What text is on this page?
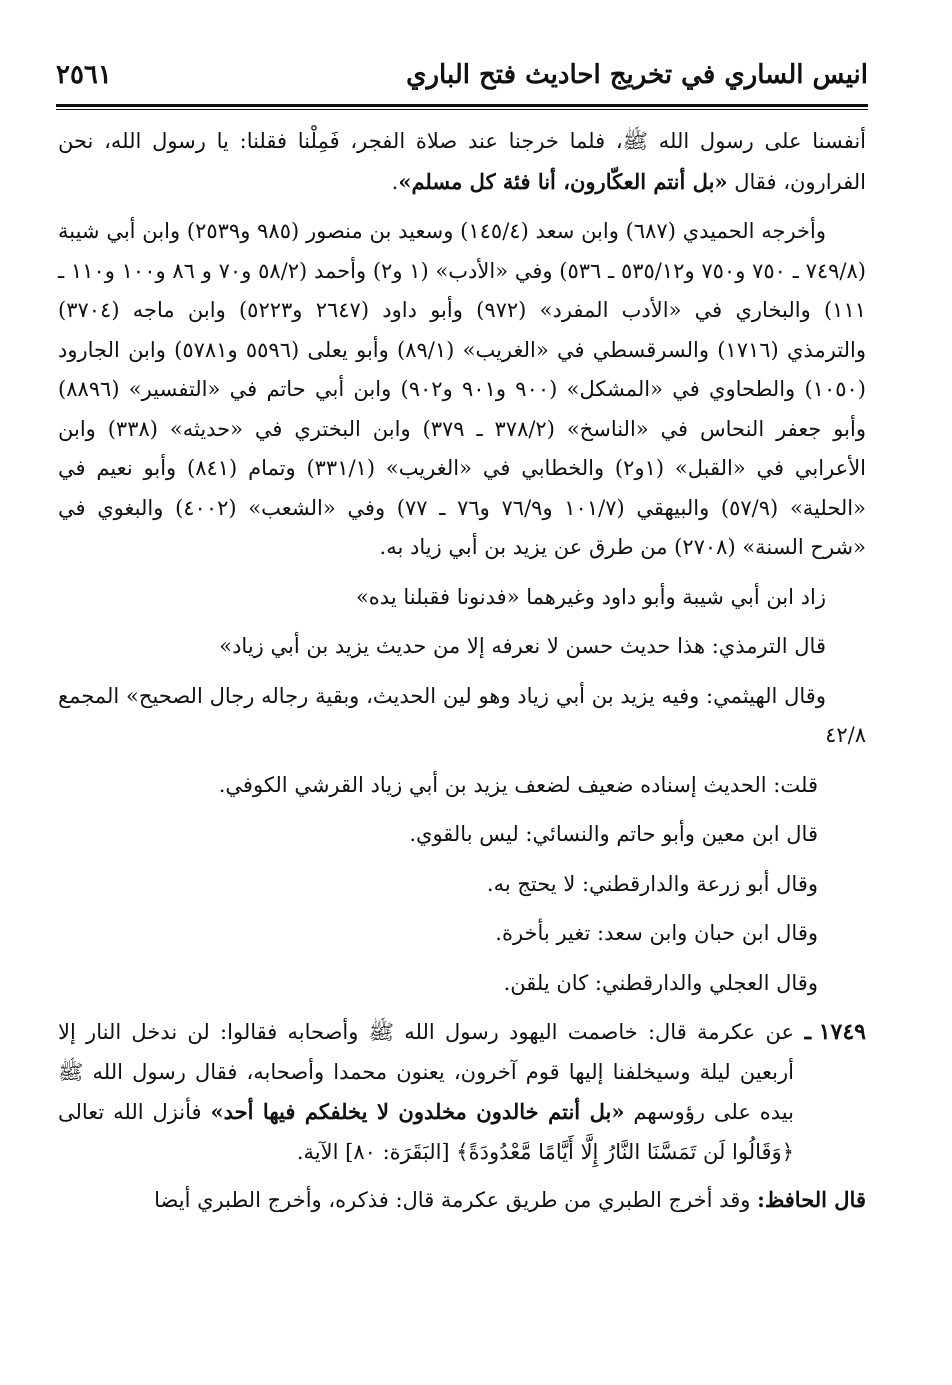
انيس الساري في تخريج احاديث فتح الباري
٢٥٦١

أنفسنا على رسول الله ﷺ، فلما خرجنا عند صلاة الفجر، فَمِلْنا فقلنا: يا رسول الله، نحن الفرارون، فقال «بل أنتم العكّارون، أنا فئة كل مسلم».

وأخرجه الحميدي (٦٨٧) وابن سعد (١٤٥/٤) وسعيد بن منصور (٩٨٥ و٢٥٣٩) وابن أبي شيبة (٧٤٩/٨ ـ ٧٥٠ و٧٥٠ و٥٣٥/١٢ ـ ٥٣٦) وفي «الأدب» (١ و٢) وأحمد (٥٨/٢ و٧٠ و ٨٦ و١٠٠ و١١٠ ـ ١١١) والبخاري في «الأدب المفرد» (٩٧٢) وأبو داود (٢٦٤٧ و٥٢٢٣) وابن ماجه (٣٧٠٤) والترمذي (١٧١٦) والسرقسطي في «الغريب» (٨٩/١) وأبو يعلى (٥٥٩٦ و٥٧٨١) وابن الجارود (١٠٥٠) والطحاوي في «المشكل» (٩٠٠ و٩٠١ و٩٠٢) وابن أبي حاتم في «التفسير» (٨٨٩٦) وأبو جعفر النحاس في «الناسخ» (٣٧٨/٢ ـ ٣٧٩) وابن البختري في «حديثه» (٣٣٨) وابن الأعرابي في «القبل» (١و٢) والخطابي في «الغريب» (٣٣١/١) وتمام (٨٤١) وأبو نعيم في «الحلية» (٥٧/٩) والبيهقي (١٠١/٧ و٧٦/٩ و٧٦ ـ ٧٧) وفي «الشعب» (٤٠٠٢) والبغوي في «شرح السنة» (٢٧٠٨) من طرق عن يزيد بن أبي زياد به.

زاد ابن أبي شيبة وأبو داود وغيرهما «فدنونا فقبلنا يده»

قال الترمذي: هذا حديث حسن لا نعرفه إلا من حديث يزيد بن أبي زياد»

وقال الهيثمي: وفيه يزيد بن أبي زياد وهو لين الحديث، وبقية رجاله رجال الصحيح» المجمع ٤٢/٨

قلت: الحديث إسناده ضعيف لضعف يزيد بن أبي زياد القرشي الكوفي.

قال ابن معين وأبو حاتم والنسائي: ليس بالقوي.

وقال أبو زرعة والدارقطني: لا يحتج به.

وقال ابن حبان وابن سعد: تغير بأخرة.

وقال العجلي والدارقطني: كان يلقن.

١٧٤٩ ـ
عن عكرمة قال: خاصمت اليهود رسول الله ﷺ وأصحابه فقالوا: لن ندخل النار إلا أربعين ليلة وسيخلفنا إليها قوم آخرون، يعنون محمدا وأصحابه، فقال رسول الله ﷺ بيده على رؤوسهم «بل أنتم خالدون مخلدون لا يخلفكم فيها أحد» فأنزل الله تعالى ﴿وَقَالُوا لَن تَمَسَّنَا النَّارُ إِلَّا أَيَّامًا مَّعْدُودَةً﴾ [البَقَرَة: ٨٠] الآية.

قال الحافظ: وقد أخرج الطبري من طريق عكرمة قال: فذكره، وأخرج الطبري أيضا
